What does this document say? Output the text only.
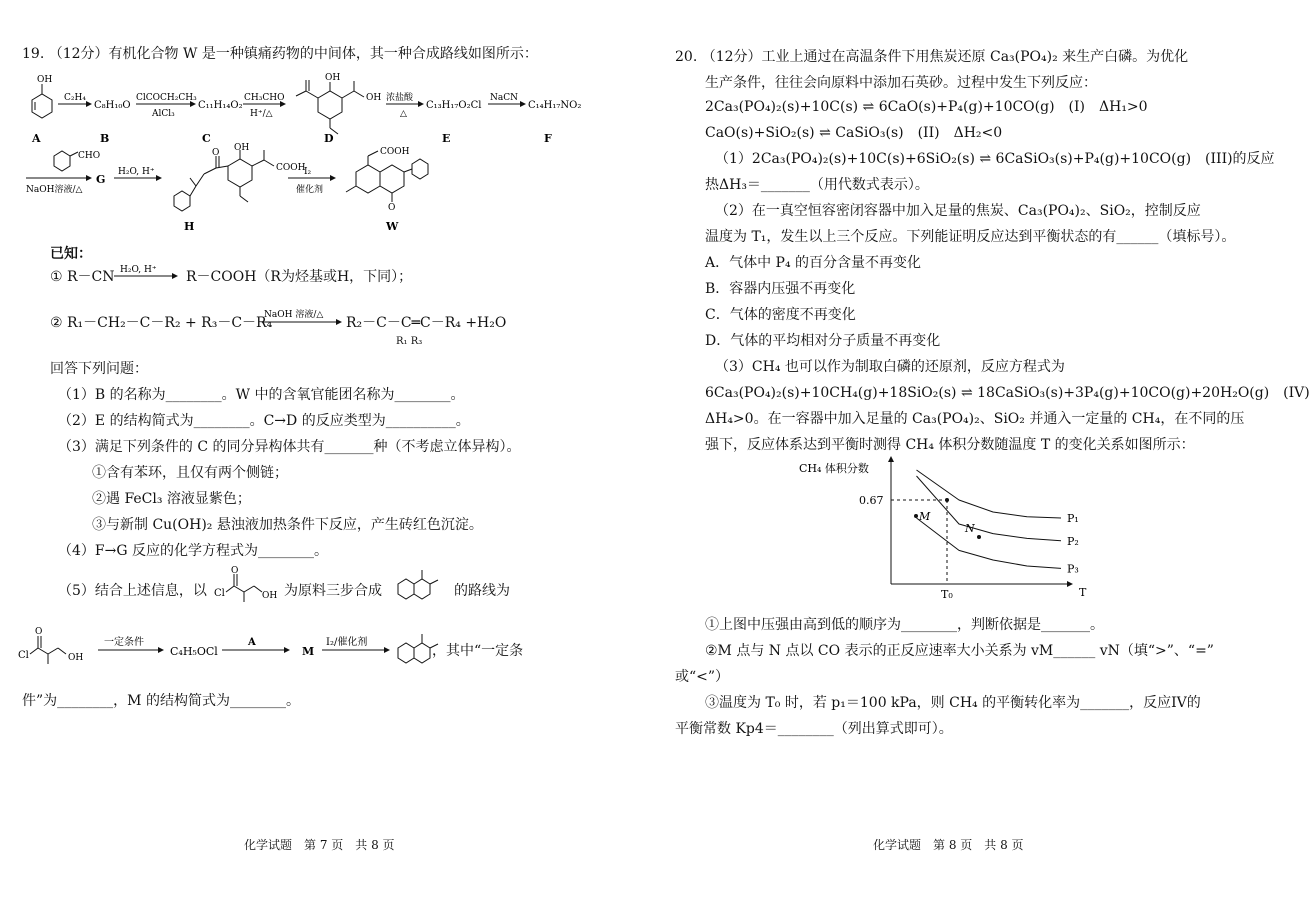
19. （12分）有机化合物 W 是一种镇痛药物的中间体，其一种合成路线如图所示：
OH
C₂H₄
C₈H₁₀O
ClCOCH₂CH₃
AlCl₃
C₁₁H₁₄O₂
CH₃CHO
H⁺/△
OH
OH 浓盐酸
△
C₁₃H₁₇O₂Cl
NaCN
C₁₄H₁₇NO₂
A	B	C	D	E	F
CHO
NaOH溶液/△
G
H₂O, H⁺
O OH
COOH
I₂
催化剂
O
COOH
H	W
已知：
① R－CN H₂O, H⁺ R－COOH（R为烃基或H，下同）；
② R₁－CH₂－C－R₂ + R₃－C－R₄
NaOH 溶液/△ R₂－C－C═C－R₄ +H₂O
R₁ R₃
回答下列问题：
（1）B 的名称为________。W 中的含氧官能团名称为________。
（2）E 的结构简式为________。C→D 的反应类型为__________。
（3）满足下列条件的 C 的同分异构体共有_______种（不考虑立体异构）。
①含有苯环，且仅有两个侧链；
②遇 FeCl₃ 溶液显紫色；
③与新制 Cu(OH)₂ 悬浊液加热条件下反应，产生砖红色沉淀。
（4）F→G 反应的化学方程式为________。
（5）结合上述信息，以 Cl
O
OH 为原料三步合成	的路线为
Cl
O
OH
一定条件
C₄H₅OCl
A
M
I₂/催化剂
，其中“一定条
件”为________，M 的结构简式为________。
化学试题　第 7 页　共 8 页
20. （12分）工业上通过在高温条件下用焦炭还原 Ca₃(PO₄)₂ 来生产白磷。为优化
生产条件，往往会向原料中添加石英砂。过程中发生下列反应：
2Ca₃(PO₄)₂(s)+10C(s) ⇌ 6CaO(s)+P₄(g)+10CO(g)　(I)　ΔH₁>0
CaO(s)+SiO₂(s) ⇌ CaSiO₃(s)　(II)　ΔH₂<0
（1）2Ca₃(PO₄)₂(s)+10C(s)+6SiO₂(s) ⇌ 6CaSiO₃(s)+P₄(g)+10CO(g)　(III)的反应
热ΔH₃＝_______（用代数式表示）。
（2）在一真空恒容密闭容器中加入足量的焦炭、Ca₃(PO₄)₂、SiO₂，控制反应
温度为 T₁，发生以上三个反应。下列能证明反应达到平衡状态的有______（填标号）。
A．气体中 P₄ 的百分含量不再变化
B．容器内压强不再变化
C．气体的密度不再变化
D．气体的平均相对分子质量不再变化
（3）CH₄ 也可以作为制取白磷的还原剂，反应方程式为
6Ca₃(PO₄)₂(s)+10CH₄(g)+18SiO₂(s) ⇌ 18CaSiO₃(s)+3P₄(g)+10CO(g)+20H₂O(g)　(IV)
ΔH₄>0。在一容器中加入足量的 Ca₃(PO₄)₂、SiO₂ 并通入一定量的 CH₄，在不同的压
强下，反应体系达到平衡时测得 CH₄ 体积分数随温度 T 的变化关系如图所示：
CH₄ 体积分数
T
0.67
T₀
P₁
P₂
P₃
M
N
①上图中压强由高到低的顺序为________，判断依据是_______。
②M 点与 N 点以 CO 表示的正反应速率大小关系为 vM______ vN（填“>”、“=”
或“<”）
③温度为 T₀ 时，若 p₁＝100 kPa，则 CH₄ 的平衡转化率为_______，反应IV的
平衡常数 Kp4＝________（列出算式即可）。
化学试题　第 8 页　共 8 页
